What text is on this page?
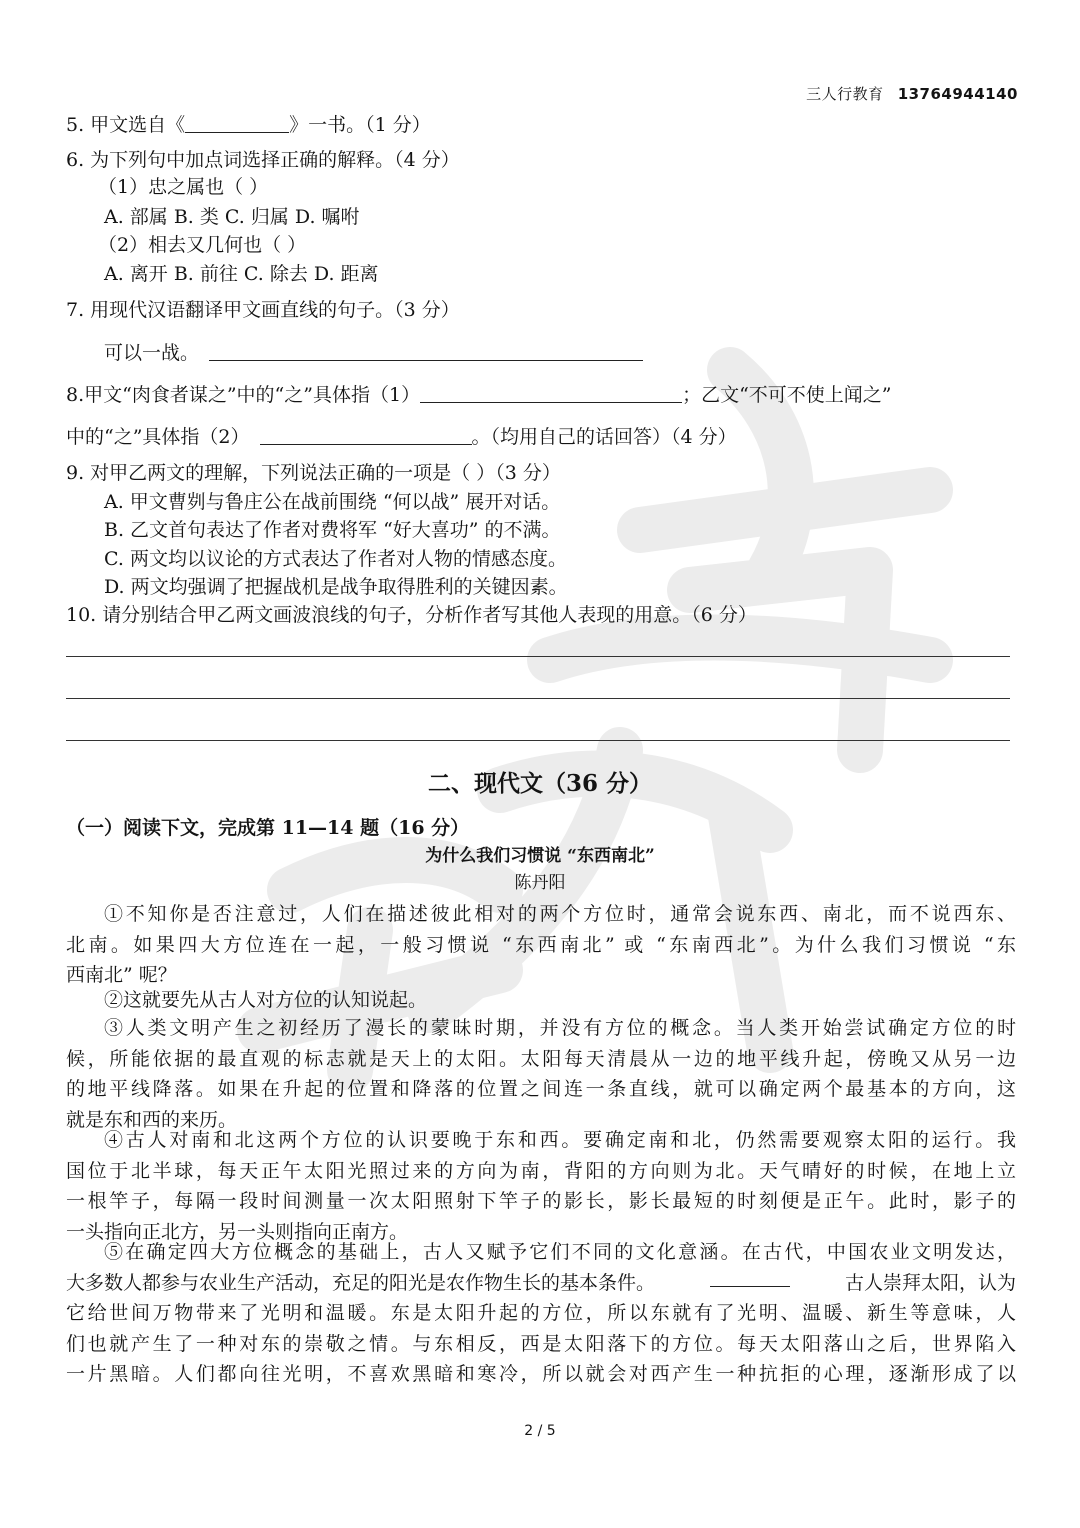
三人行教育 13764944140
5. 甲文选自《	》一书。（1 分）
6. 为下列句中加点词选择正确的解释。（4 分）
（1）忠之属也（ ）
A. 部属 B. 类 C. 归属 D. 嘱咐
（2）相去又几何也（ ）
A. 离开 B. 前往 C. 除去 D. 距离
7. 用现代汉语翻译甲文画直线的句子。（3 分）
可以一战。
8.甲文“肉食者谋之”中的“之”具体指（1）	；乙文“不可不使上闻之”
中的“之”具体指（2）	。（均用自己的话回答）（4 分）
9. 对甲乙两文的理解，下列说法正确的一项是（ ）（3 分）
A. 甲文曹刿与鲁庄公在战前围绕 “何以战” 展开对话。
B. 乙文首句表达了作者对费将军 “好大喜功” 的不满。
C. 两文均以议论的方式表达了作者对人物的情感态度。
D. 两文均强调了把握战机是战争取得胜利的关键因素。
10. 请分别结合甲乙两文画波浪线的句子，分析作者写其他人表现的用意。（6 分）
二、现代文（36 分）
（一）阅读下文，完成第 11—14 题（16 分）
为什么我们习惯说 “东西南北”
陈丹阳
①不知你是否注意过，人们在描述彼此相对的两个方位时，通常会说东西、南北，而不说西东、
北南。如果四大方位连在一起，一般习惯说 “东西南北” 或 “东南西北”。为什么我们习惯说 “东
西南北” 呢？
②这就要先从古人对方位的认知说起。
③人类文明产生之初经历了漫长的蒙昧时期，并没有方位的概念。当人类开始尝试确定方位的时
候，所能依据的最直观的标志就是天上的太阳。太阳每天清晨从一边的地平线升起，傍晚又从另一边
的地平线降落。如果在升起的位置和降落的位置之间连一条直线，就可以确定两个最基本的方向，这
就是东和西的来历。
④古人对南和北这两个方位的认识要晚于东和西。要确定南和北，仍然需要观察太阳的运行。我
国位于北半球，每天正午太阳光照过来的方向为南，背阳的方向则为北。天气晴好的时候，在地上立
一根竿子，每隔一段时间测量一次太阳照射下竿子的影长，影长最短的时刻便是正午。此时，影子的
一头指向正北方，另一头则指向正南方。
⑤在确定四大方位概念的基础上，古人又赋予它们不同的文化意涵。在古代，中国农业文明发达，
大多数人都参与农业生产活动，充足的阳光是农作物生长的基本条件。	古人崇拜太阳，认为
它给世间万物带来了光明和温暖。东是太阳升起的方位，所以东就有了光明、温暖、新生等意味，人
们也就产生了一种对东的崇敬之情。与东相反，西是太阳落下的方位。每天太阳落山之后，世界陷入
一片黑暗。人们都向往光明，不喜欢黑暗和寒冷，所以就会对西产生一种抗拒的心理，逐渐形成了以
2 / 5
